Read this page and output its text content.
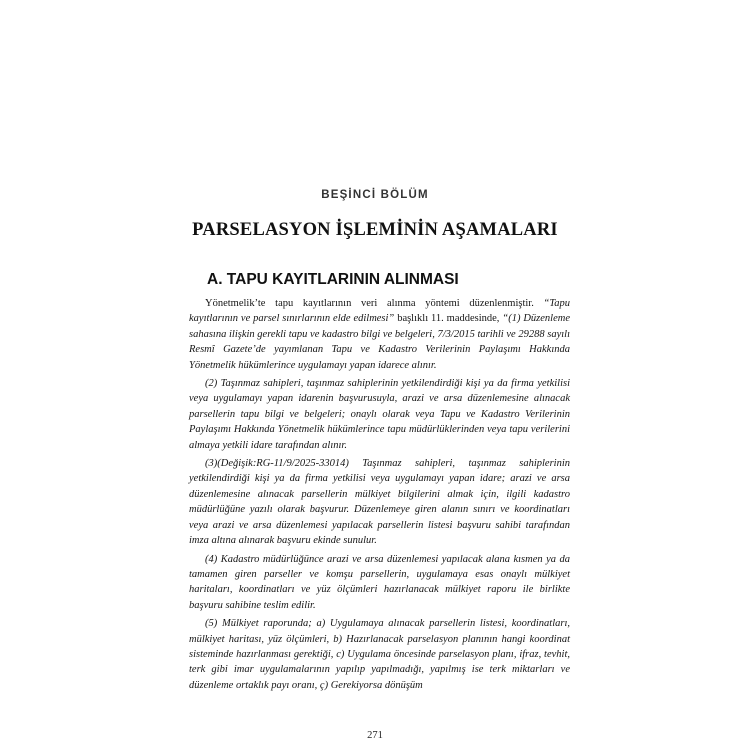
BEŞİNCİ BÖLÜM
PARSELASYON İŞLEMİNİN AŞAMALARI
A. TAPU KAYITLARININ ALINMASI

Yönetmelik’te tapu kayıtlarının veri alınma yöntemi düzenlenmiştir. “Tapu kayıtlarının ve parsel sınırlarının elde edilmesi” başlıklı 11. maddesinde, “(1) Düzenleme sahasına ilişkin gerekli tapu ve kadastro bilgi ve belgeleri, 7/3/2015 tarihli ve 29288 sayılı Resmî Gazete’de yayımlanan Tapu ve Kadastro Verilerinin Paylaşımı Hakkında Yönetmelik hükümlerince uygulamayı yapan idarece alınır.

(2) Taşınmaz sahipleri, taşınmaz sahiplerinin yetkilendirdiği kişi ya da firma yetkilisi veya uygulamayı yapan idarenin başvurusuyla, arazi ve arsa düzenlemesine alınacak parsellerin tapu bilgi ve belgeleri; onaylı olarak veya Tapu ve Kadastro Verilerinin Paylaşımı Hakkında Yönetmelik hükümlerince tapu müdürlüklerinden veya tapu verilerini almaya yetkili idare tarafından alınır.

(3)(Değişik:RG-11/9/2025-33014) Taşınmaz sahipleri, taşınmaz sahiplerinin yetkilendirdiği kişi ya da firma yetkilisi veya uygulamayı yapan idare; arazi ve arsa düzenlemesine alınacak parsellerin mülkiyet bilgilerini almak için, ilgili kadastro müdürlüğüne yazılı olarak başvurur. Düzenlemeye giren alanın sınırı ve koordinatları veya arazi ve arsa düzenlemesi yapılacak parsellerin listesi başvuru sahibi tarafından imza altına alınarak başvuru ekinde sunulur.

(4) Kadastro müdürlüğünce arazi ve arsa düzenlemesi yapılacak alana kısmen ya da tamamen giren parseller ve komşu parsellerin, uygulamaya esas onaylı mülkiyet haritaları, koordinatları ve yüz ölçümleri hazırlanacak mülkiyet raporu ile birlikte başvuru sahibine teslim edilir.

(5) Mülkiyet raporunda; a) Uygulamaya alınacak parsellerin listesi, koordinatları, mülkiyet haritası, yüz ölçümleri, b) Hazırlanacak parselasyon planının hangi koordinat sisteminde hazırlanması gerektiği, c) Uygulama öncesinde parselasyon planı, ifraz, tevhit, terk gibi imar uygulamalarının yapılıp yapılmadığı, yapılmış ise terk miktarları ve düzenleme ortaklık payı oranı, ç) Gerekiyorsa dönüşüm

271
